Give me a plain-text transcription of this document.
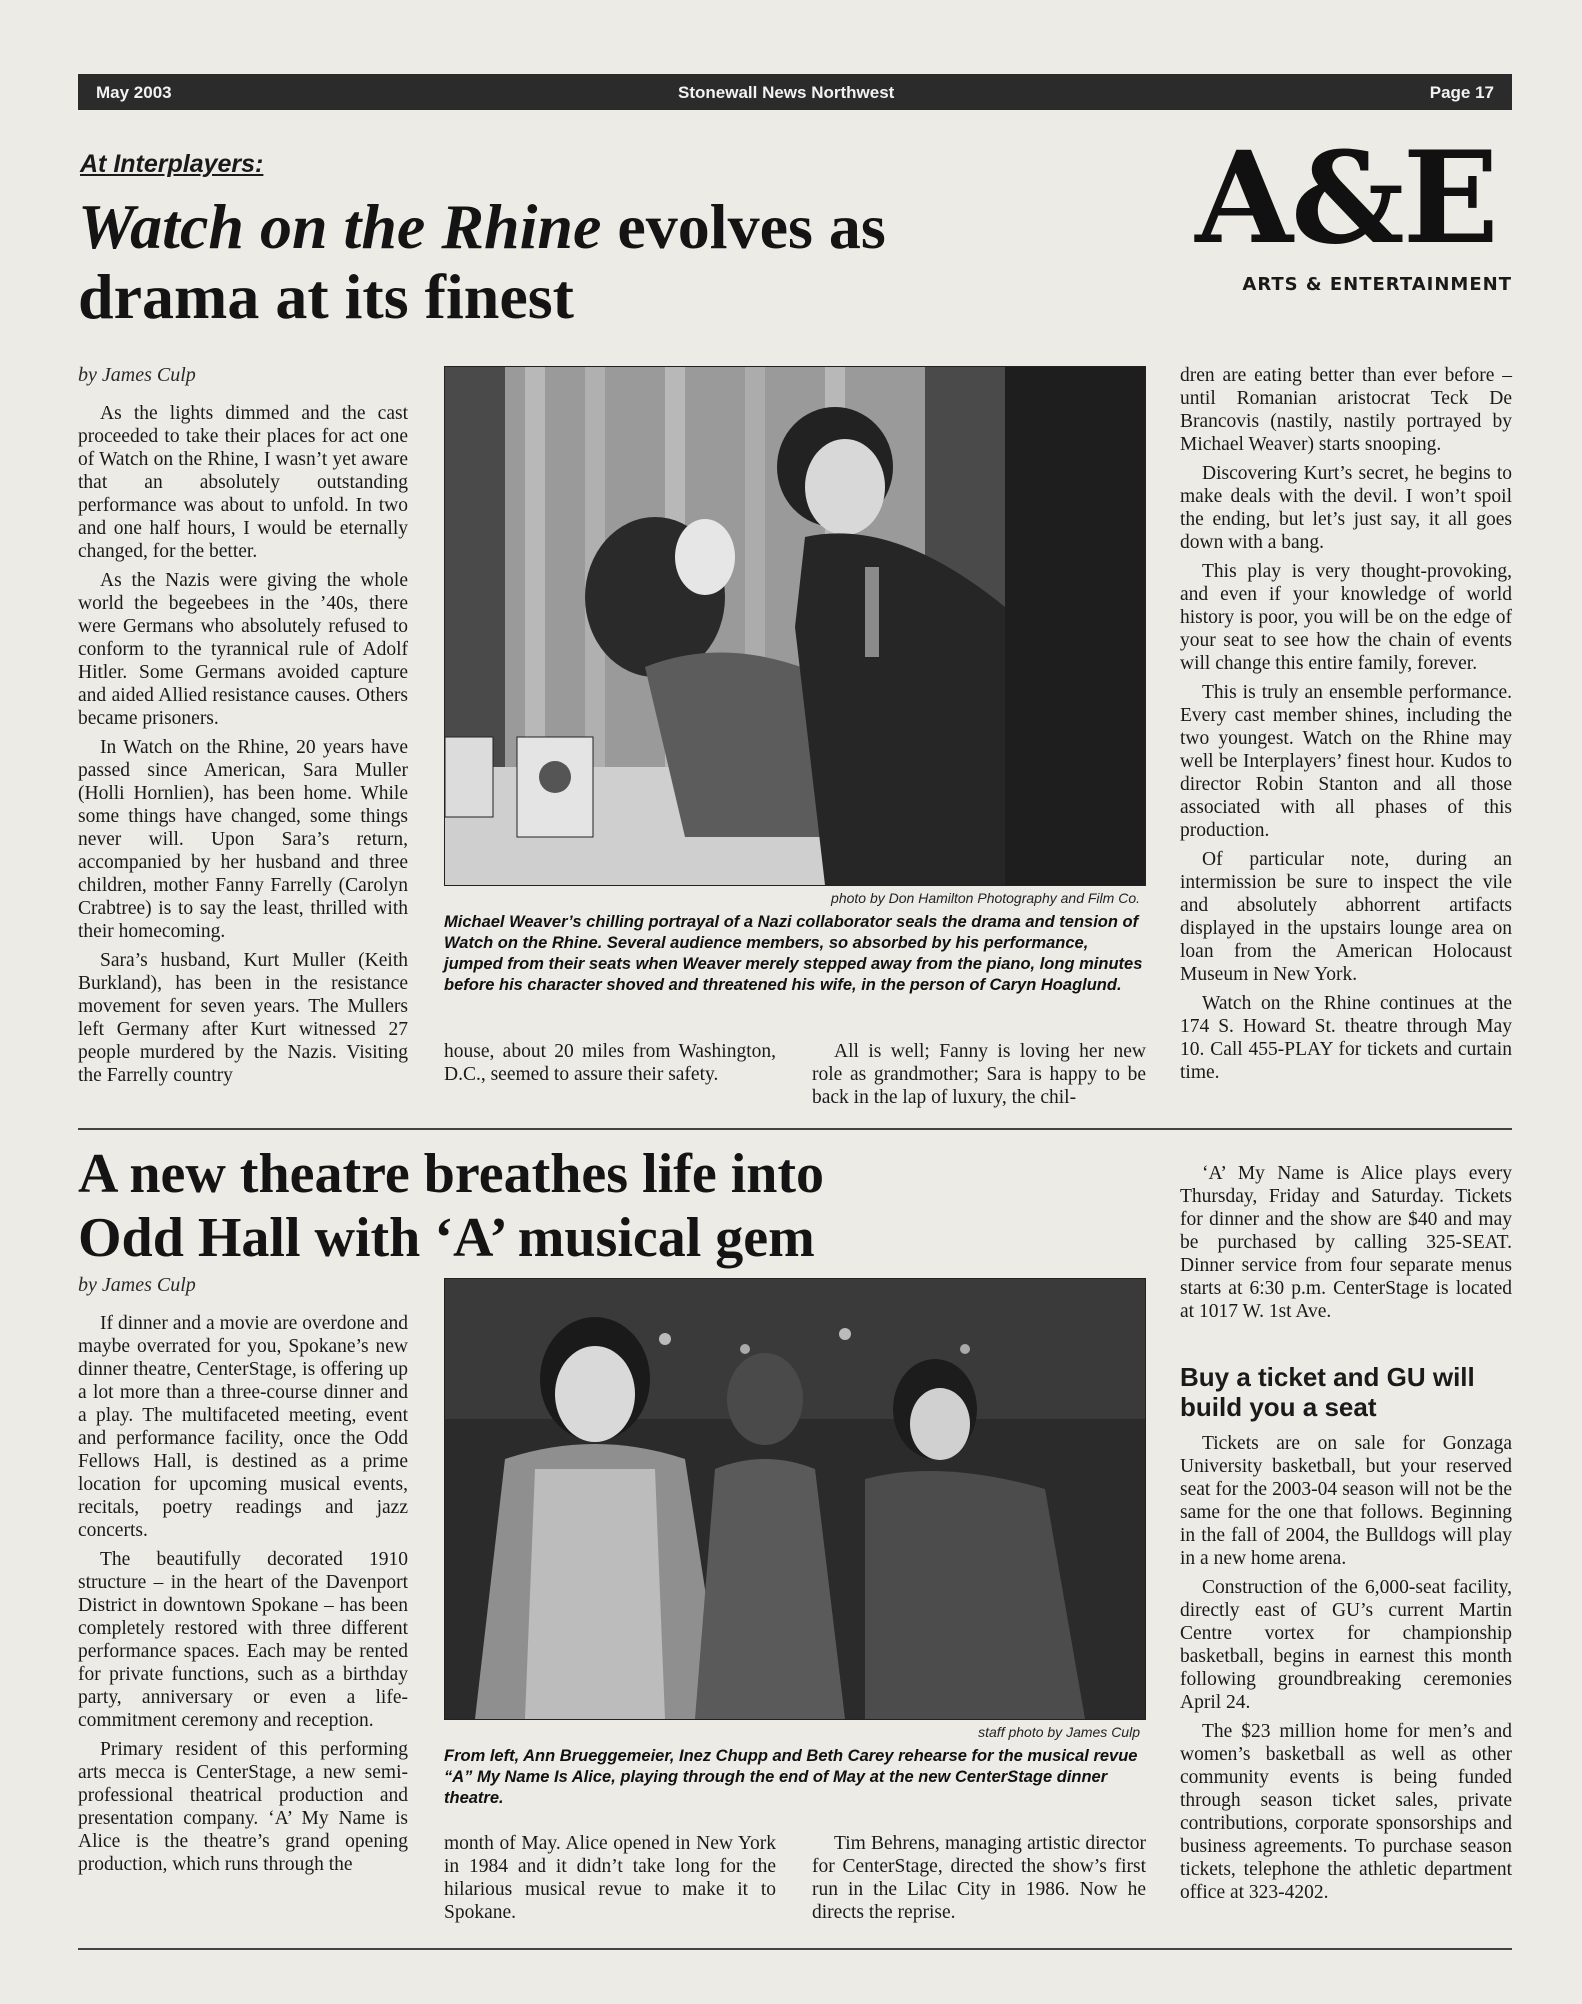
May 2003	Stonewall News Northwest	Page 17
At Interplayers:
Watch on the Rhine evolves as drama at its finest
A&E
ARTS & ENTERTAINMENT
by James Culp

As the lights dimmed and the cast proceeded to take their places for act one of Watch on the Rhine, I wasn’t yet aware that an absolutely outstanding performance was about to unfold. In two and one half hours, I would be eternally changed, for the better.

As the Nazis were giving the whole world the begeebees in the ’40s, there were Germans who absolutely refused to conform to the tyrannical rule of Adolf Hitler. Some Germans avoided capture and aided Allied resistance causes. Others became prisoners.

In Watch on the Rhine, 20 years have passed since American, Sara Muller (Holli Hornlien), has been home. While some things have changed, some things never will. Upon Sara’s return, accompanied by her husband and three children, mother Fanny Farrelly (Carolyn Crabtree) is to say the least, thrilled with their homecoming.

Sara’s husband, Kurt Muller (Keith Burkland), has been in the resistance movement for seven years. The Mullers left Germany after Kurt witnessed 27 people murdered by the Nazis. Visiting the Farrelly country

photo by Don Hamilton Photography and Film Co.
Michael Weaver’s chilling portrayal of a Nazi collaborator seals the drama and tension of Watch on the Rhine. Several audience members, so absorbed by his performance, jumped from their seats when Weaver merely stepped away from the piano, long minutes before his character shoved and threatened his wife, in the person of Caryn Hoaglund.

house, about 20 miles from Washington, D.C., seemed to assure their safety.

All is well; Fanny is loving her new role as grandmother; Sara is happy to be back in the lap of luxury, the chil-

dren are eating better than ever before – until Romanian aristocrat Teck De Brancovis (nastily, nastily portrayed by Michael Weaver) starts snooping.

Discovering Kurt’s secret, he begins to make deals with the devil. I won’t spoil the ending, but let’s just say, it all goes down with a bang.

This play is very thought-provoking, and even if your knowledge of world history is poor, you will be on the edge of your seat to see how the chain of events will change this entire family, forever.

This is truly an ensemble performance. Every cast member shines, including the two youngest. Watch on the Rhine may well be Interplayers’ finest hour. Kudos to director Robin Stanton and all those associated with all phases of this production.

Of particular note, during an intermission be sure to inspect the vile and absolutely abhorrent artifacts displayed in the upstairs lounge area on loan from the American Holocaust Museum in New York.

Watch on the Rhine continues at the 174 S. Howard St. theatre through May 10. Call 455-PLAY for tickets and curtain time.

A new theatre breathes life into Odd Hall with ‘A’ musical gem
by James Culp

If dinner and a movie are overdone and maybe overrated for you, Spokane’s new dinner theatre, CenterStage, is offering up a lot more than a three-course dinner and a play. The multifaceted meeting, event and performance facility, once the Odd Fellows Hall, is destined as a prime location for upcoming musical events, recitals, poetry readings and jazz concerts.

The beautifully decorated 1910 structure – in the heart of the Davenport District in downtown Spokane – has been completely restored with three different performance spaces. Each may be rented for private functions, such as a birthday party, anniversary or even a life-commitment ceremony and reception.

Primary resident of this performing arts mecca is CenterStage, a new semi-professional theatrical production and presentation company. ‘A’ My Name is Alice is the theatre’s grand opening production, which runs through the

staff photo by James Culp
From left, Ann Brueggemeier, Inez Chupp and Beth Carey rehearse for the musical revue “A” My Name Is Alice, playing through the end of May at the new CenterStage dinner theatre.

month of May. Alice opened in New York in 1984 and it didn’t take long for the hilarious musical revue to make it to Spokane.

Tim Behrens, managing artistic director for CenterStage, directed the show’s first run in the Lilac City in 1986. Now he directs the reprise.

‘A’ My Name is Alice plays every Thursday, Friday and Saturday. Tickets for dinner and the show are $40 and may be purchased by calling 325-SEAT. Dinner service from four separate menus starts at 6:30 p.m. CenterStage is located at 1017 W. 1st Ave.

Buy a ticket and GU will build you a seat

Tickets are on sale for Gonzaga University basketball, but your reserved seat for the 2003-04 season will not be the same for the one that follows. Beginning in the fall of 2004, the Bulldogs will play in a new home arena.

Construction of the 6,000-seat facility, directly east of GU’s current Martin Centre vortex for championship basketball, begins in earnest this month following groundbreaking ceremonies April 24.

The $23 million home for men’s and women’s basketball as well as other community events is being funded through season ticket sales, private contributions, corporate sponsorships and business agreements. To purchase season tickets, telephone the athletic department office at 323-4202.
